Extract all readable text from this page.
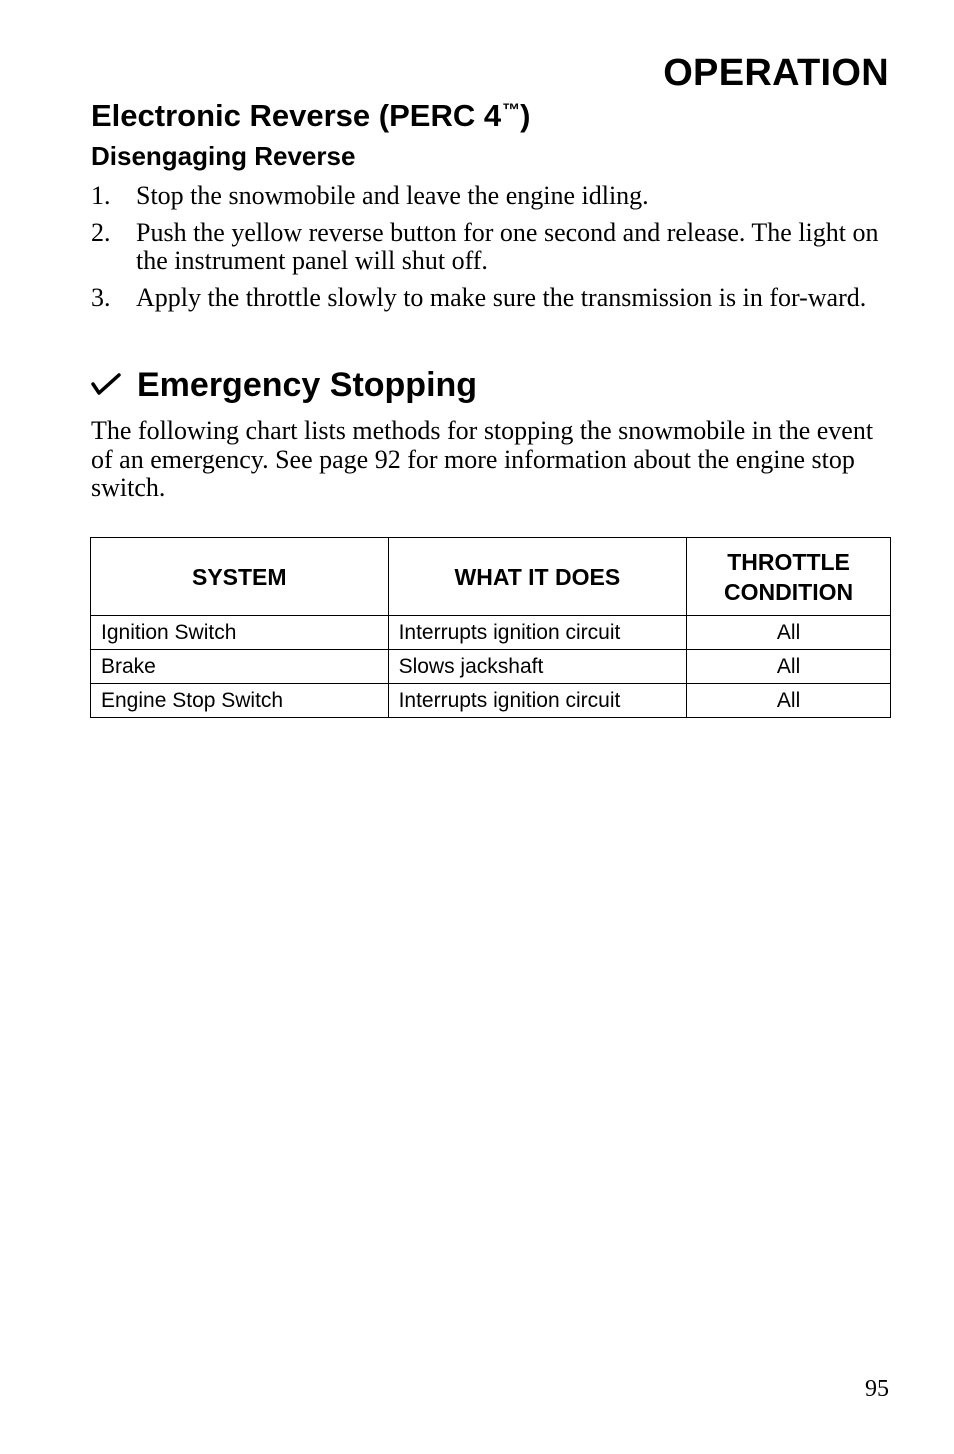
OPERATION
Electronic Reverse (PERC 4™)
Disengaging Reverse
1. Stop the snowmobile and leave the engine idling.
2. Push the yellow reverse button for one second and release. The light on the instrument panel will shut off.
3. Apply the throttle slowly to make sure the transmission is in for-ward.
Emergency Stopping

The following chart lists methods for stopping the snowmobile in the event of an emergency. See page 92 for more information about the engine stop switch.

SYSTEM	WHAT IT DOES	THROTTLE CONDITION
Ignition Switch	Interrupts ignition circuit	All
Brake	Slows jackshaft	All
Engine Stop Switch	Interrupts ignition circuit	All

95
